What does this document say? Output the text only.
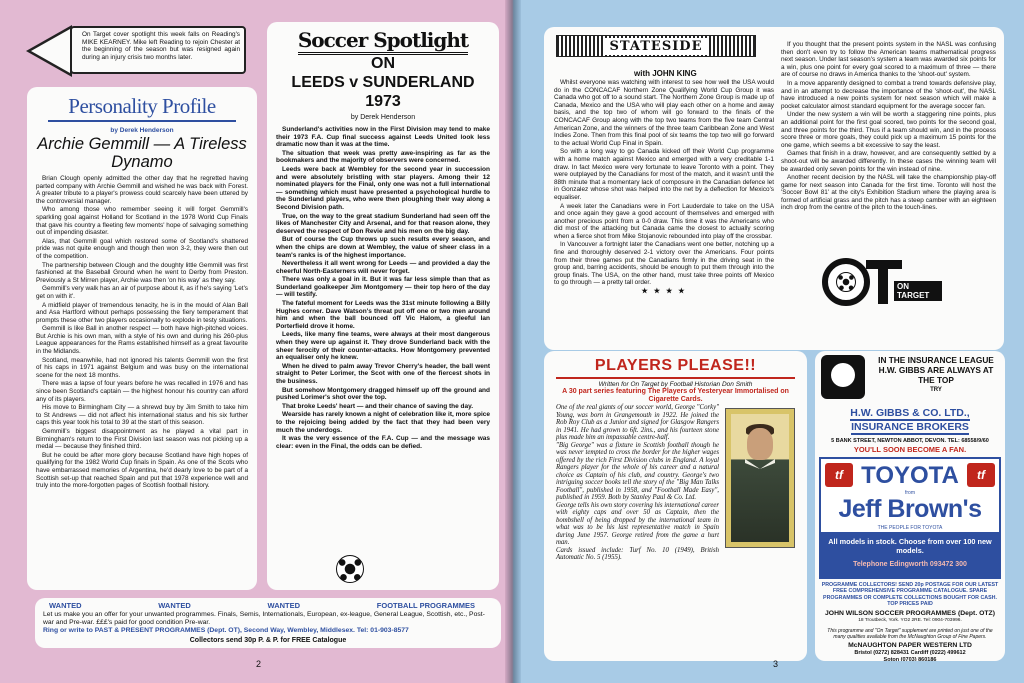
On Target cover spotlight this week falls on Reading's MIKE KEARNEY. Mike left Reading to rejoin Chester at the beginning of the season but was resigned again during an injury crisis two months later.
Personality Profile
by Derek Henderson
Archie Gemmill — A Tireless Dynamo

Brian Clough openly admitted the other day that he regretted having parted company with Archie Gemmill and wished he was back with Forest. A greater tribute to a player's prowess could scarcely have been uttered by the controversial manager.

Who among those who remember seeing it will forget Gemmill's sparkling goal against Holland for Scotland in the 1978 World Cup Finals that gave his country a fleeting few moments' hope of salvaging something out of impending disaster.

Alas, that Gemmill goal which restored some of Scotland's shattered pride was not quite enough and though then won 3-2, they were then out of the competition.

The partnership between Clough and the doughty little Gemmill was first fashioned at the Baseball Ground when he went to Derby from Preston. Previously a St Mirren player, Archie was then 'on his way' as they say.

Gemmill's very walk has an air of purpose about it, as if he's saying 'Let's get on with it'.

A midfield player of tremendous tenacity, he is in the mould of Alan Ball and Asa Hartford without perhaps possessing the fiery temperament that prompts these other two players occasionally to explode in testy situations.

Gemmill is like Ball in another respect — both have high-pitched voices. But Archie is his own man, with a style of his own and during his 260-plus League appearances for the Rams established himself as a great favourite in the Midlands.

Scotland, meanwhile, had not ignored his talents Gemmill won the first of his caps in 1971 against Belgium and was busy on the international scene for the next 18 months.

There was a lapse of four years before he was recalled in 1976 and has since been Scotland's captain — the highest honour his country can afford any of its players.

His move to Birmingham City — a shrewd buy by Jim Smith to take him to St Andrews — did not affect his international status and his six further caps this year took his total to 39 at the start of this season.

Gemmill's biggest disappointment as he played a vital part in Birmingham's return to the First Division last season was not picking up a medal — because they finished third.

But he could be after more glory because Scotland have high hopes of qualifying for the 1982 World Cup finals in Spain. As one of the Scots who have embarrassed memories of Argentina, he'd dearly love to be part of a Scottish set-up that reached Spain and put that 1978 experience well and truly into the more-forgotten pages of Scottish football history.

Soccer Spotlight
ON
LEEDS v SUNDERLAND
1973
by Derek Henderson

Sunderland's activities now in the First Division may tend to make their 1973 F.A. Cup final success against Leeds United look less dramatic now than it was at the time.

The situation that week was pretty awe-inspiring as far as the bookmakers and the majority of observers were concerned.

Leeds were back at Wembley for the second year in succession and were absolutely bristling with star players. Among their 12 nominated players for the Final, only one was not a full international — something which must have presented a psychological hurdle to the Sunderland players, who were then ploughing their way along a Second Division path.

True, on the way to the great stadium Sunderland had seen off the likes of Manchester City and Arsenal, and for that reason alone, they deserved the respect of Don Revie and his men on the big day.

But of course the Cup throws up such results every season, and when the chips are down at Wembley, the value of sheer class in a team's ranks is of the highest importance.

Nevertheless it all went wrong for Leeds — and provided a day the cheerful North-Easterners will never forget.

There was only a goal in it. But it was far less simple than that as Sunderland goalkeeper Jim Montgomery — their top hero of the day — will testify.

The fateful moment for Leeds was the 31st minute following a Billy Hughes corner. Dave Watson's threat put off one or two men around him and when the ball bounced off Vic Halom, a gleeful Ian Porterfield drove it home.

Leeds, like many fine teams, were always at their most dangerous when they were up against it. They drove Sunderland back with the sheer ferocity of their counter-attacks. How Montgomery prevented an equaliser only he knew.

When he dived to palm away Trevor Cherry's header, the ball went straight to Peter Lorimer, the Scot with one of the fiercest shots in the business.

But somehow Montgomery dragged himself up off the ground and pushed Lorimer's shot over the top.

That broke Leeds' heart — and their chance of saving the day.

Wearside has rarely known a night of celebration like it, more spice to the rejoicing being added by the fact that they had been very much the underdogs.

It was the very essence of the F.A. Cup — and the message was clear: even in the Final, the odds can be defied.

WANTED	WANTED	WANTED	FOOTBALL PROGRAMMES
Let us make you an offer for your unwanted programmes. Finals, Semis, Internationals, European, ex-league, General League, Scottish, etc., Post-war and Pre-war. £££'s paid for good condition Pre-war.
Ring or write to PAST & PRESENT PROGRAMMES (Dept. OT), Second Way, Wembley, Middlesex. Tel: 01-903-8577
Collectors send 30p P. & P. for FREE Catalogue
2
STATESIDE
with JOHN KING

Whilst everyone was watching with interest to see how well the USA would do in the CONCACAF Northern Zone Qualifying World Cup Group it was Canada who got off to a sound start. The Northern Zone Group is made up of Canada, Mexico and the USA who will play each other on a home and away basis, and the top two of whom will go forward to the finals of the CONCACAF Group along with the top two teams from the five team Central American Zone, and the winners of the three team Caribbean Zone and West Indies Zone. Then from this final pool of six teams the top two will go forward to the actual World Cup Final in Spain.

So with a long way to go Canada kicked off their World Cup programme with a home match against Mexico and emerged with a very creditable 1-1 draw. In fact Mexico were very fortunate to leave Toronto with a point. They were outplayed by the Canadians for most of the match, and it wasn't until the 88th minute that a momentary lack of composure in the Canadian defence let in Gonzalez whose shot was helped into the net by a deflection for Mexico's equaliser.

A week later the Canadians were in Fort Lauderdale to take on the USA and once again they gave a good account of themselves and emerged with another precious point from a 0-0 draw. This time it was the Americans who did most of the attacking but Canada came the closest to actually scoring when a fierce shot from Mike Stojanovic rebounded into play off the crossbar.

In Vancouver a fortnight later the Canadians went one better, notching up a fine and thoroughly deserved 2-1 victory over the Americans. Four points from their three games put the Canadians firmly in the driving seat in the group and, barring accidents, should be enough to put them through into the group finals. The USA, on the other hand, must take three points off Mexico to go through — a pretty tall order.

★ ★ ★ ★

If you thought that the present points system in the NASL was confusing then don't even try to follow the American teams mathematical progress next season. Under last season's system a team was awarded six points for a win, plus one point for every goal scored to a maximum of three — there are of course no draws in America thanks to the 'shoot-out' system.

In a move apparently designed to combat a trend towards defensive play, and in an attempt to decrease the importance of the 'shoot-out', the NASL have introduced a new points system for next season which will make a pocket calculator almost standard equipment for the average soccer fan.

Under the new system a win will be worth a staggering nine points, plus an additional point for the first goal scored, two points for the second goal, and three points for the third. Thus if a team should win, and in the process score three or more goals, they could pick up a maximum 15 points for the one game, which seems a bit excessive to say the least.

Games that finish in a draw, however, and are consequently settled by a shoot-out will be awarded differently. In these cases the winning team will be awarded only seven points for the win instead of nine.

Another recent decision by the NASL will take the championship play-off game for next season into Canada for the first time. Toronto will host the 'Soccer Bowl 81' at the city's Exhibition Stadium where the playing area is formed of artificial grass and the pitch has a steep camber with an eighteen inch drop from the centre of the pitch to the touch-lines.

ON TARGET
PLAYERS PLEASE!!
Written for On Target by Football Historian Don Smith
A 30 part series featuring The Players of Yesteryear Immortalised on Cigarette Cards.

One of the real giants of our soccer world, George "Corky" Young, was born in Grangemouth in 1922. He joined the Rob Roy Club as a Junior and signed for Glasgow Rangers in 1941. He had grown to 6ft. 2ins., and his fourteen stone plus made him an impassable centre-half.

"Big George" was a fixture in Scottish football though he was never tempted to cross the border for the higher wages offered by the rich First Division clubs in England. A loyal Rangers player for the whole of his career and a natural choice as Captain of his club, and country. George's two intriguing soccer books tell the story of the "Big Man Talks Football", published in 1958, and "Football Made Easy", published in 1959. Both by Stanley Paul & Co. Ltd.

George tells his own story covering his international career with eighty caps and over 50 as Captain, then the bombshell of being dropped by the international team in what was to be his last representative match in Spain during June 1957. George retired from the game a hurt man.

Cards issued include: Turf No. 10 (1949), British Automatic No. 5 (1955).

IN THE INSURANCE LEAGUE H.W. GIBBS ARE ALWAYS AT THE TOP
TRY
H.W. GIBBS & CO. LTD.,
INSURANCE BROKERS
5 BANK STREET, NEWTON ABBOT, DEVON. TEL: 68558/9/60
YOU'LL SOON BECOME A FAN.
tf	tf
TOYOTA
from
Jeff Brown's
THE PEOPLE FOR TOYOTA
All models in stock. Choose from over 100 new models.
Telephone Edingworth 093472 300
PROGRAMME COLLECTORS! SEND 20p POSTAGE FOR OUR LATEST FREE COMPREHENSIVE PROGRAMME CATALOGUE. SPARE PROGRAMMES OR COMPLETE COLLECTIONS BOUGHT FOR CASH. TOP PRICES PAID
JOHN WILSON SOCCER PROGRAMMES (Dept. OTZ)
18 Troutbeck, York. YO2 2RE. Tel: 0904-703996.
This programme and "On Target" supplement are printed on just one of the many qualities available from the McNaughton Group of Fine Papers.
McNAUGHTON PAPER WESTERN LTD
Bristol (0272) 828431 Cardiff (0222) 499612
Soton (0703) 860186
3
